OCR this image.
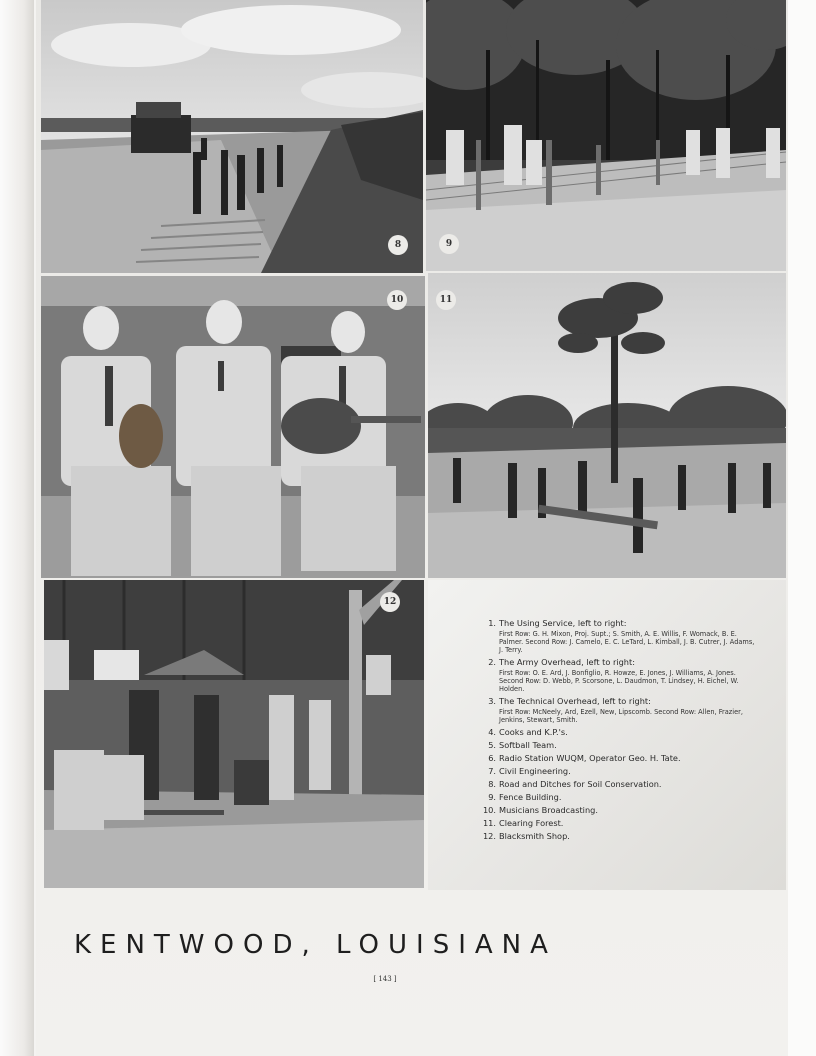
8	9
10	11
12
1. The Using Service, left to right:
First Row: G. H. Mixon, Proj. Supt.; S. Smith, A. E. Willis, F. Womack, B. E. Palmer. Second Row: J. Camelo, E. C. LeTard, L. Kimball, J. B. Cutrer, J. Adams, J. Terry.
2. The Army Overhead, left to right:
First Row: O. E. Ard, J. Bonfiglio, R. Howze, E. Jones, J. Williams, A. Jones. Second Row: D. Webb, P. Scorsone, L. Daudmon, T. Lindsey, H. Eichel, W. Holden.
3. The Technical Overhead, left to right:
First Row: McNeely, Ard, Ezell, New, Lipscomb. Second Row: Allen, Frazier, Jenkins, Stewart, Smith.
4. Cooks and K.P.'s.
5. Softball Team.
6. Radio Station WUQM, Operator Geo. H. Tate.
7. Civil Engineering.
8. Road and Ditches for Soil Conservation.
9. Fence Building.
10. Musicians Broadcasting.
11. Clearing Forest.
12. Blacksmith Shop.
KENTWOOD, LOUISIANA
[ 143 ]
